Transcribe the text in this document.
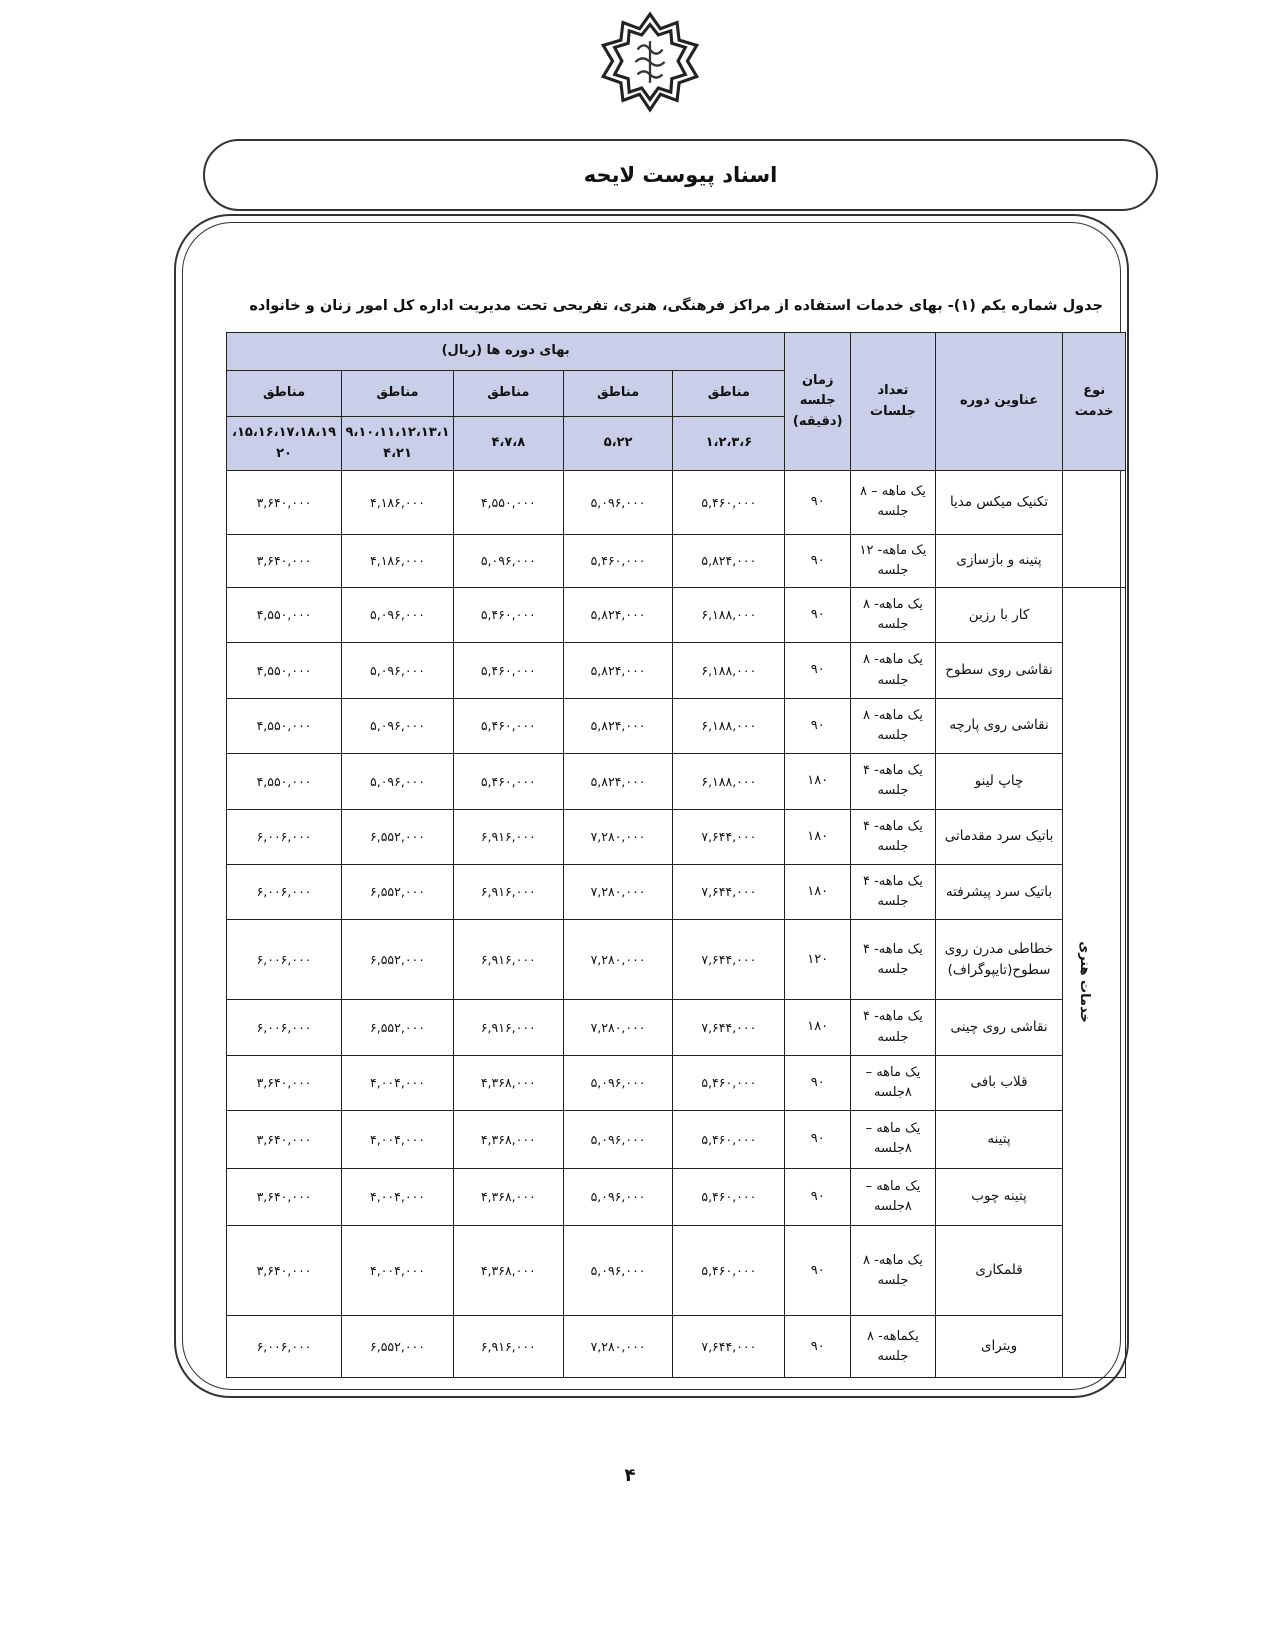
اسناد پیوست لایحه
جدول شماره یکم (۱)- بهای خدمات استفاده از مراکز فرهنگی، هنری، تفریحی تحت مدیریت اداره کل امور زنان و خانواده
نوع خدمت	عناوین دوره	تعداد جلسات	زمان جلسه (دقیقه)	بهای دوره ها (ریال)				
				مناطق	مناطق	مناطق	مناطق	مناطق
				۱،۲،۳،۶	۵،۲۲	۴،۷،۸	۹،۱۰،۱۱،۱۲،۱۳،۱ ۴،۲۱	۱۵،۱۶،۱۷،۱۸،۱۹، ۲۰
	تکنیک میکس مدیا	یک ماهه – ۸ جلسه	۹۰	۵,۴۶۰,۰۰۰	۵,۰۹۶,۰۰۰	۴,۵۵۰,۰۰۰	۴,۱۸۶,۰۰۰	۳,۶۴۰,۰۰۰
	پتینه و بازسازی	یک ماهه- ۱۲ جلسه	۹۰	۵,۸۲۴,۰۰۰	۵,۴۶۰,۰۰۰	۵,۰۹۶,۰۰۰	۴,۱۸۶,۰۰۰	۳,۶۴۰,۰۰۰
خدمات هنری	کار با رزین	یک ماهه- ۸ جلسه	۹۰	۶,۱۸۸,۰۰۰	۵,۸۲۴,۰۰۰	۵,۴۶۰,۰۰۰	۵,۰۹۶,۰۰۰	۴,۵۵۰,۰۰۰
	نقاشی روی سطوح	یک ماهه- ۸ جلسه	۹۰	۶,۱۸۸,۰۰۰	۵,۸۲۴,۰۰۰	۵,۴۶۰,۰۰۰	۵,۰۹۶,۰۰۰	۴,۵۵۰,۰۰۰
	نقاشی روی پارچه	یک ماهه- ۸ جلسه	۹۰	۶,۱۸۸,۰۰۰	۵,۸۲۴,۰۰۰	۵,۴۶۰,۰۰۰	۵,۰۹۶,۰۰۰	۴,۵۵۰,۰۰۰
	چاپ لینو	یک ماهه- ۴ جلسه	۱۸۰	۶,۱۸۸,۰۰۰	۵,۸۲۴,۰۰۰	۵,۴۶۰,۰۰۰	۵,۰۹۶,۰۰۰	۴,۵۵۰,۰۰۰
	باتیک سرد مقدماتی	یک ماهه- ۴ جلسه	۱۸۰	۷,۶۴۴,۰۰۰	۷,۲۸۰,۰۰۰	۶,۹۱۶,۰۰۰	۶,۵۵۲,۰۰۰	۶,۰۰۶,۰۰۰
	باتیک سرد پیشرفته	یک ماهه- ۴ جلسه	۱۸۰	۷,۶۴۴,۰۰۰	۷,۲۸۰,۰۰۰	۶,۹۱۶,۰۰۰	۶,۵۵۲,۰۰۰	۶,۰۰۶,۰۰۰
	خطاطی مدرن روی سطوح(تایپوگراف)	یک ماهه- ۴ جلسه	۱۲۰	۷,۶۴۴,۰۰۰	۷,۲۸۰,۰۰۰	۶,۹۱۶,۰۰۰	۶,۵۵۲,۰۰۰	۶,۰۰۶,۰۰۰
	نقاشی روی چینی	یک ماهه- ۴ جلسه	۱۸۰	۷,۶۴۴,۰۰۰	۷,۲۸۰,۰۰۰	۶,۹۱۶,۰۰۰	۶,۵۵۲,۰۰۰	۶,۰۰۶,۰۰۰
	قلاب بافی	یک ماهه – ۸جلسه	۹۰	۵,۴۶۰,۰۰۰	۵,۰۹۶,۰۰۰	۴,۳۶۸,۰۰۰	۴,۰۰۴,۰۰۰	۳,۶۴۰,۰۰۰
	پتینه	یک ماهه – ۸جلسه	۹۰	۵,۴۶۰,۰۰۰	۵,۰۹۶,۰۰۰	۴,۳۶۸,۰۰۰	۴,۰۰۴,۰۰۰	۳,۶۴۰,۰۰۰
	پتینه چوب	یک ماهه – ۸جلسه	۹۰	۵,۴۶۰,۰۰۰	۵,۰۹۶,۰۰۰	۴,۳۶۸,۰۰۰	۴,۰۰۴,۰۰۰	۳,۶۴۰,۰۰۰
	قلمکاری	یک ماهه- ۸ جلسه	۹۰	۵,۴۶۰,۰۰۰	۵,۰۹۶,۰۰۰	۴,۳۶۸,۰۰۰	۴,۰۰۴,۰۰۰	۳,۶۴۰,۰۰۰
	ویترای	یکماهه- ۸ جلسه	۹۰	۷,۶۴۴,۰۰۰	۷,۲۸۰,۰۰۰	۶,۹۱۶,۰۰۰	۶,۵۵۲,۰۰۰	۶,۰۰۶,۰۰۰
۴
